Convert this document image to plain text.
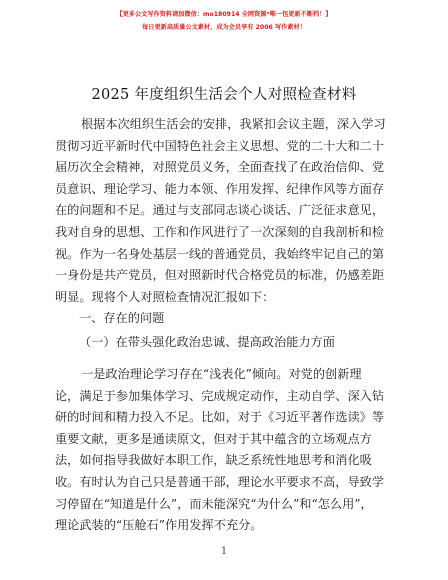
【更多公文写作资料请加微信：mo180914 全网资源*唯一包更新不断档！】
每日更新高质量公文素材，成为会员享有 2006 写作素材！
2025 年度组织生活会个人对照检查材料
根据本次组织生活会的安排，我紧扣会议主题，深入学习
贯彻习近平新时代中国特色社会主义思想、党的二十大和二十
届历次全会精神，对照党员义务，全面查找了在政治信仰、党
员意识、理论学习、能力本领、作用发挥、纪律作风等方面存
在的问题和不足。通过与支部同志谈心谈话、广泛征求意见，
我对自身的思想、工作和作风进行了一次深刻的自我剖析和检
视。作为一名身处基层一线的普通党员，我始终牢记自己的第
一身份是共产党员，但对照新时代合格党员的标准，仍感差距
明显。现将个人对照检查情况汇报如下：
一、存在的问题
（一）在带头强化政治忠诚、提高政治能力方面
一是政治理论学习存在“浅表化”倾向。对党的创新理
论，满足于参加集体学习、完成规定动作，主动自学、深入钻
研的时间和精力投入不足。比如，对于《习近平著作选读》等
重要文献，更多是通读原文，但对于其中蕴含的立场观点方
法，如何指导我做好本职工作，缺乏系统性地思考和消化吸
收。有时认为自己只是普通干部，理论水平要求不高，导致学
习停留在“知道是什么”，而未能深究“为什么”和“怎么用”，
理论武装的“压舱石”作用发挥不充分。
1
